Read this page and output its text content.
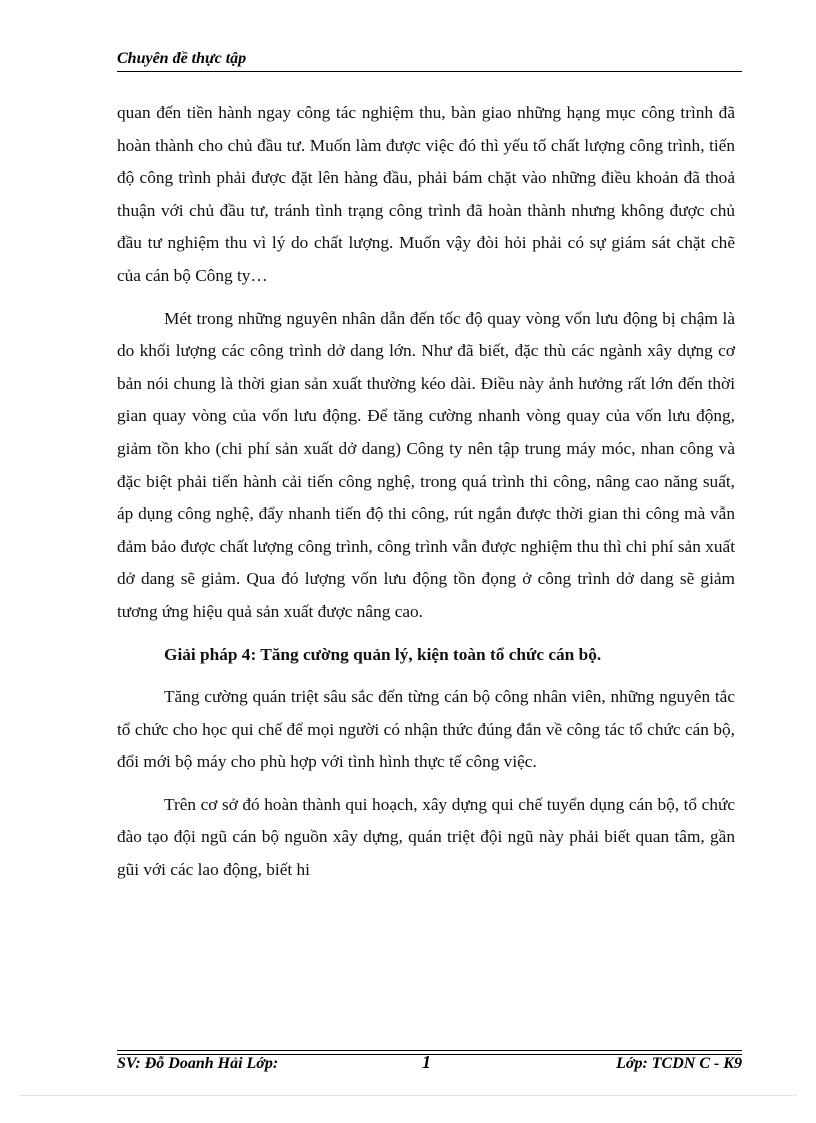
Chuyên đề thực tập

quan đến tiền hành ngay công tác nghiệm thu, bàn giao những hạng mục công trình đã hoàn thành cho chủ đầu tư. Muốn làm được việc đó thì yếu tố chất lượng công trình, tiến độ công trình phải được đặt lên hàng đầu, phải bám chặt vào những điều khoản đã thoả thuận với chủ đầu tư, tránh tình trạng công trình đã hoàn thành nhưng không được chủ đầu tư nghiệm thu vì lý do chất lượng. Muốn vậy đòi hỏi phải có sự giám sát chặt chẽ của cán bộ Công ty…

Mét trong những nguyên nhân dẫn đến tốc độ quay vòng vốn lưu động bị chậm là do khối lượng các công trình dở dang lớn. Như đã biết, đặc thù các ngành xây dựng cơ bản nói chung là thời gian sản xuất thường kéo dài. Điều này ảnh hưởng rất lớn đến thời gian quay vòng của vốn lưu động. Để tăng cường nhanh vòng quay của vốn lưu động, giảm tồn kho (chi phí sản xuất dở dang) Công ty nên tập trung máy móc, nhan công và đặc biệt phải tiến hành cải tiến công nghệ, trong quá trình thi công, nâng cao năng suất, áp dụng công nghệ, đẩy nhanh tiến độ thi công, rút ngắn được thời gian thi công mà vẫn đảm bảo được chất lượng công trình, công trình vẫn được nghiệm thu thì chi phí sản xuất dở dang sẽ giảm. Qua đó lượng vốn lưu động tồn đọng ở công trình dở dang sẽ giảm tương ứng hiệu quả sản xuất được nâng cao.

Giải pháp 4: Tăng cường quản lý, kiện toàn tổ chức cán bộ.

Tăng cường quán triệt sâu sắc đến từng cán bộ công nhân viên, những nguyên tắc tổ chức cho học qui chế để mọi người có nhận thức đúng đắn về công tác tổ chức cán bộ, đổi mới bộ máy cho phù hợp với tình hình thực tế công việc.

Trên cơ sở đó hoàn thành qui hoạch, xây dựng qui chế tuyển dụng cán bộ, tổ chức đào tạo đội ngũ cán bộ nguồn xây dựng, quán triệt đội ngũ này phải biết quan tâm, gần gũi với các lao động, biết hi

SV: Đỗ Doanh Hải Lớp:	1	Lớp: TCDN C - K9
